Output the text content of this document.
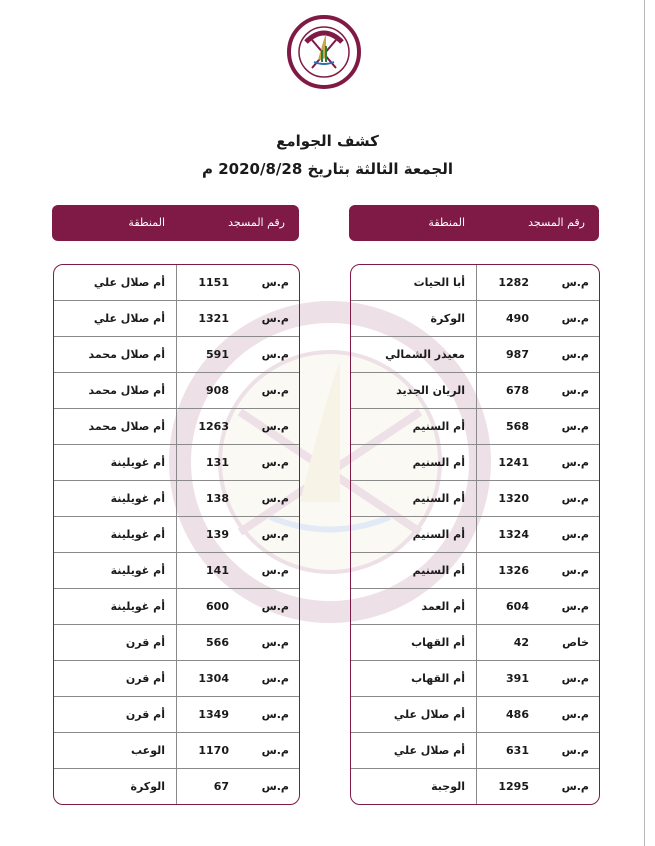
كشف الجوامع
الجمعة الثالثة بتاريخ 2020/8/28 م
رقم المسجد
المنطقة
رقم المسجد
المنطقة
م.س
1282
أبا الحيات
م.س
490
الوكرة
م.س
987
معيذر الشمالي
م.س
678
الريان الجديد
م.س
568
أم السنيم
م.س
1241
أم السنيم
م.س
1320
أم السنيم
م.س
1324
أم السنيم
م.س
1326
أم السنيم
م.س
604
أم العمد
خاص
42
أم القهاب
م.س
391
أم القهاب
م.س
486
أم صلال علي
م.س
631
أم صلال علي
م.س
1295
الوجبة
م.س
1151
أم صلال علي
م.س
1321
أم صلال علي
م.س
591
أم صلال محمد
م.س
908
أم صلال محمد
م.س
1263
أم صلال محمد
م.س
131
أم غويلينة
م.س
138
أم غويلينة
م.س
139
أم غويلينة
م.س
141
أم غويلينة
م.س
600
أم غويلينة
م.س
566
أم قرن
م.س
1304
أم قرن
م.س
1349
أم قرن
م.س
1170
الوعب
م.س
67
الوكرة
